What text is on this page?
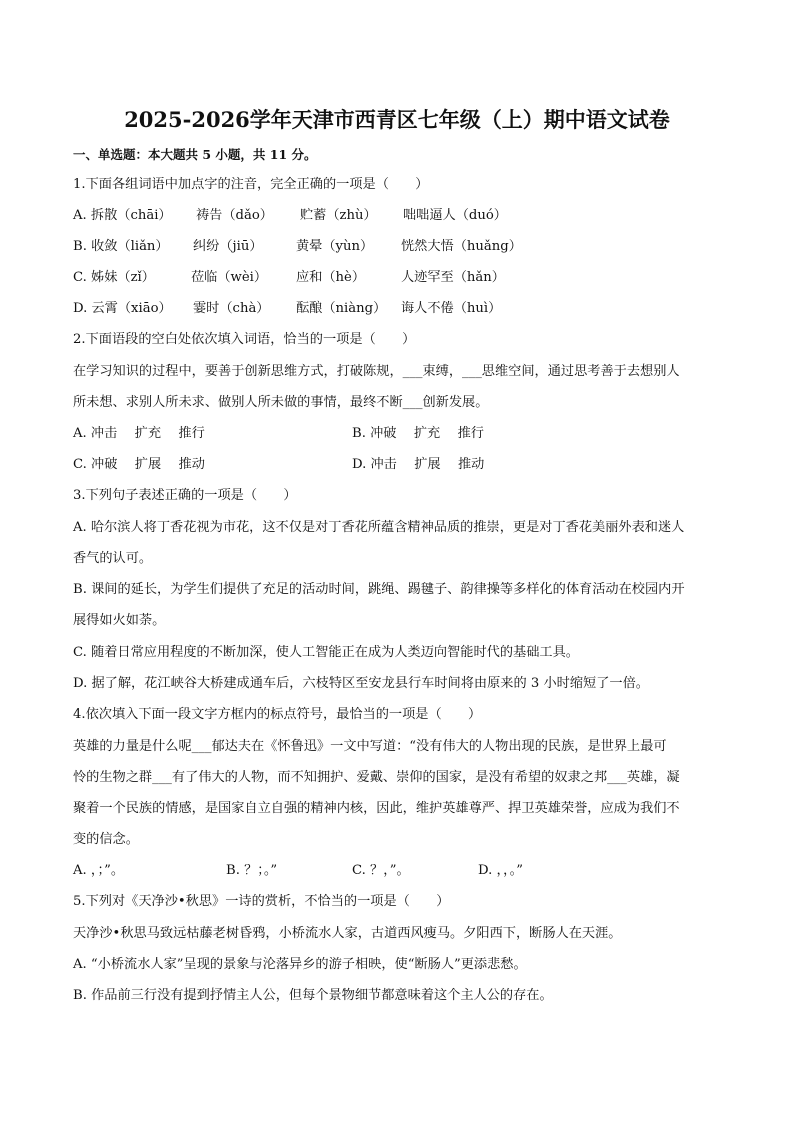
2025-2026学年天津市西青区七年级（上）期中语文试卷
一、单选题：本大题共 5 小题，共 11 分。
1.下面各组词语中加点字的注音，完全正确的一项是（　　）
A. 拆散（chāi） 祷告（dǎo） 贮蓄（zhù） 咄咄逼人（duó）
B. 收敛（liǎn） 纠纷（jiū）	黄晕（yùn） 恍然大悟（huǎng）
C. 姊妹（zǐ）	莅临（wèi） 应和（hè）	人迹罕至（hǎn）
D. 云霄（xiāo） 霎时（chà） 酝酿（niàng） 诲人不倦（huì）
2.下面语段的空白处依次填入词语，恰当的一项是（　　）
在学习知识的过程中，要善于创新思维方式，打破陈规，___束缚，___思维空间，通过思考善于去想别人
所未想、求别人所未求、做别人所未做的事情，最终不断___创新发展。
A. 冲击　 扩充　 推行	B. 冲破　 扩充　 推行
C. 冲破　 扩展　 推动	D. 冲击　 扩展　 推动
3.下列句子表述正确的一项是（　　）
A. 哈尔滨人将丁香花视为市花，这不仅是对丁香花所蕴含精神品质的推崇，更是对丁香花美丽外表和迷人
香气的认可。
B. 课间的延长，为学生们提供了充足的活动时间，跳绳、踢毽子、韵律操等多样化的体育活动在校园内开
展得如火如荼。
C. 随着日常应用程度的不断加深，使人工智能正在成为人类迈向智能时代的基础工具。
D. 据了解，花江峡谷大桥建成通车后，六枝特区至安龙县行车时间将由原来的 3 小时缩短了一倍。
4.依次填入下面一段文字方框内的标点符号，最恰当的一项是（　　）
英雄的力量是什么呢___郁达夫在《怀鲁迅》一文中写道：“没有伟大的人物出现的民族，是世界上最可
怜的生物之群___有了伟大的人物，而不知拥护、爱戴、崇仰的国家，是没有希望的奴隶之邦___英雄，凝
聚着一个民族的情感，是国家自立自强的精神内核，因此，维护英雄尊严、捍卫英雄荣誉，应成为我们不
变的信念。
A. ，；”。	B. ？；。”	C. ？，”。	D. ，，。”
5.下列对《天净沙•秋思》一诗的赏析，不恰当的一项是（　　）
天净沙•秋思马致远枯藤老树昏鸦，小桥流水人家，古道西风瘦马。夕阳西下，断肠人在天涯。
A. “小桥流水人家”呈现的景象与沦落异乡的游子相映，使“断肠人”更添悲愁。
B. 作品前三行没有提到抒情主人公，但每个景物细节都意味着这个主人公的存在。
